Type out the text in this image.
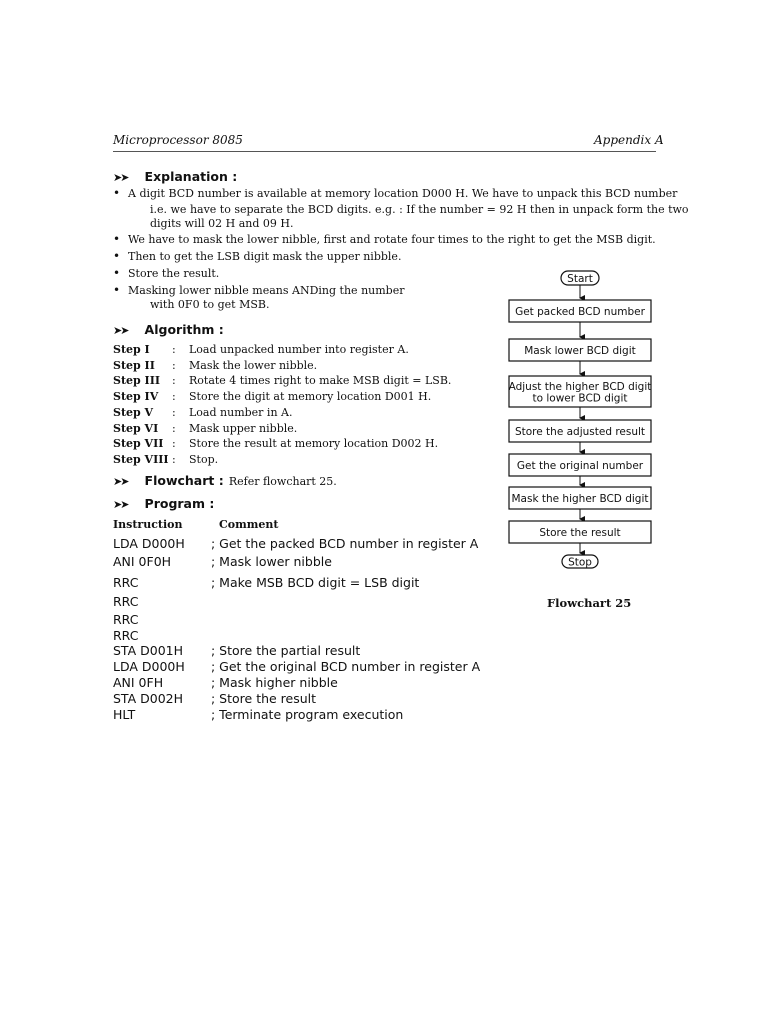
Microprocessor 8085	Appendix A
➤➤ Explanation :
• A digit BCD number is available at memory location D000 H. We have to unpack this BCD number
i.e. we have to separate the BCD digits. e.g. : If the number = 92 H then in unpack form the two
digits will 02 H and 09 H.
• We have to mask the lower nibble, first and rotate four times to the right to get the MSB digit.
• Then to get the LSB digit mask the upper nibble.
• Store the result.
• Masking lower nibble means ANDing the number
with 0F0 to get MSB.
➤➤ Algorithm :
Step I : Load unpacked number into register A.
Step II : Mask the lower nibble.
Step III : Rotate 4 times right to make MSB digit = LSB.
Step IV : Store the digit at memory location D001 H.
Step V : Load number in A.
Step VI : Mask upper nibble.
Step VII : Store the result at memory location D002 H.
Step VIII : Stop.
➤➤ Flowchart : Refer flowchart 25.
➤➤ Program :
Instruction	Comment
LDA D000H ; Get the packed BCD number in register A
ANI 0F0H	; Mask lower nibble
RRC	; Make MSB BCD digit = LSB digit
RRC
RRC
RRC
STA D001H ; Store the partial result
LDA D000H ; Get the original BCD number in register A
ANI 0FH	; Mask higher nibble
STA D002H ; Store the result
HLT	; Terminate program execution
Start
Get packed BCD number
Mask lower BCD digit
Adjust the higher BCD digit
to lower BCD digit
Store the adjusted result
Get the original number
Mask the higher BCD digit
Store the result
Stop
Flowchart 25
